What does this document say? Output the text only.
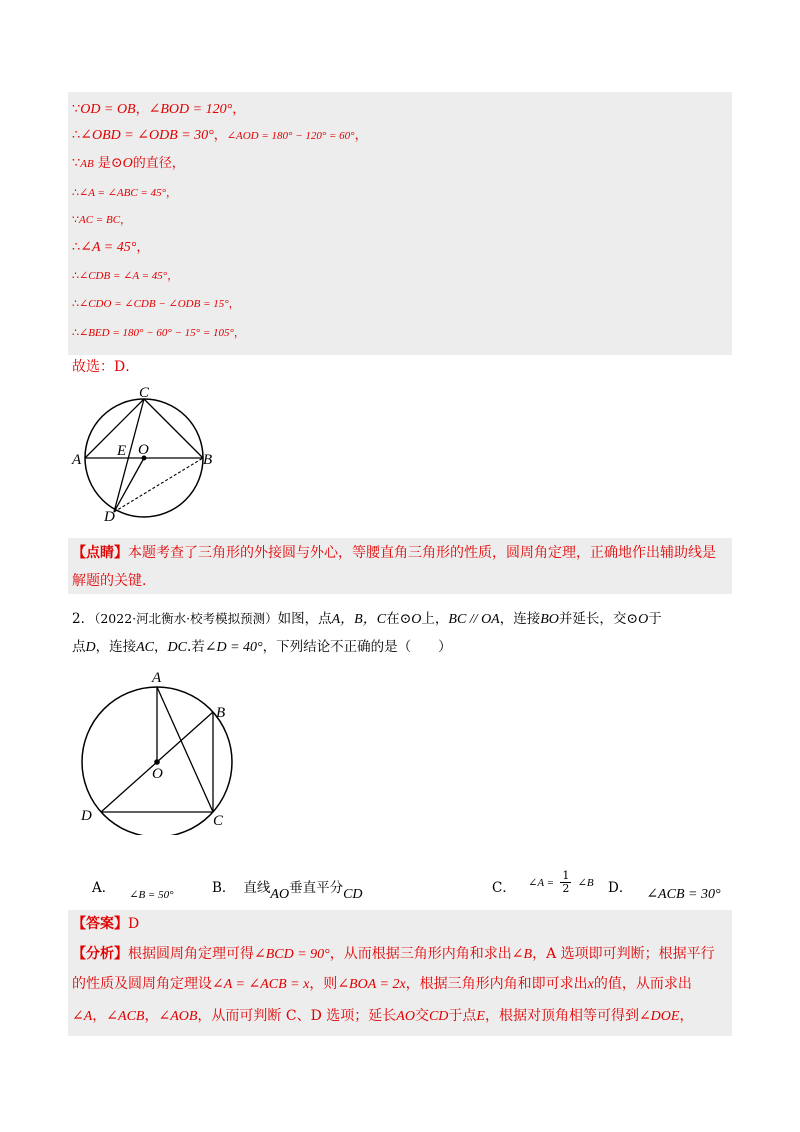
∵OD = OB，∠BOD = 120°，
∴∠OBD = ∠ODB = 30°，∠AOD = 180° − 120° = 60°，
∵AB 是⊙O的直径，
∴∠A = ∠ABC = 45°，
∵AC = BC，
∴∠A = 45°，
∴∠CDB = ∠A = 45°，
∴∠CDO = ∠CDB − ∠ODB = 15°，
∴∠BED = 180° − 60° − 15° = 105°，
故选：D．
C
A
E O
B
D
【点睛】本题考查了三角形的外接圆与外心，等腰直角三角形的性质，圆周角定理，正确地作出辅助线是
解题的关键.
2．（2022·河北衡水·校考模拟预测）如图，点A，B，C在⊙O上，BC // OA，连接BO并延长，交⊙O于
点D，连接AC，DC.若∠D = 40°，下列结论不正确的是（　　）
A
B
O
D	C
A． $_{\angle B = 50^\circ}$	B． 直线AO垂直平分CD	C． ∠A = $\frac{1}{2}$ ∠B D． ∠ACB = 30°
【答案】D
【分析】根据圆周角定理可得∠BCD = 90°，从而根据三角形内角和求出∠B，A 选项即可判断；根据平行
的性质及圆周角定理设∠A = ∠ACB = x，则∠BOA = 2x，根据三角形内角和即可求出x的值，从而求出
∠A，∠ACB，∠AOB，从而可判断 C、D 选项；延长AO交CD于点E，根据对顶角相等可得到∠DOE，
